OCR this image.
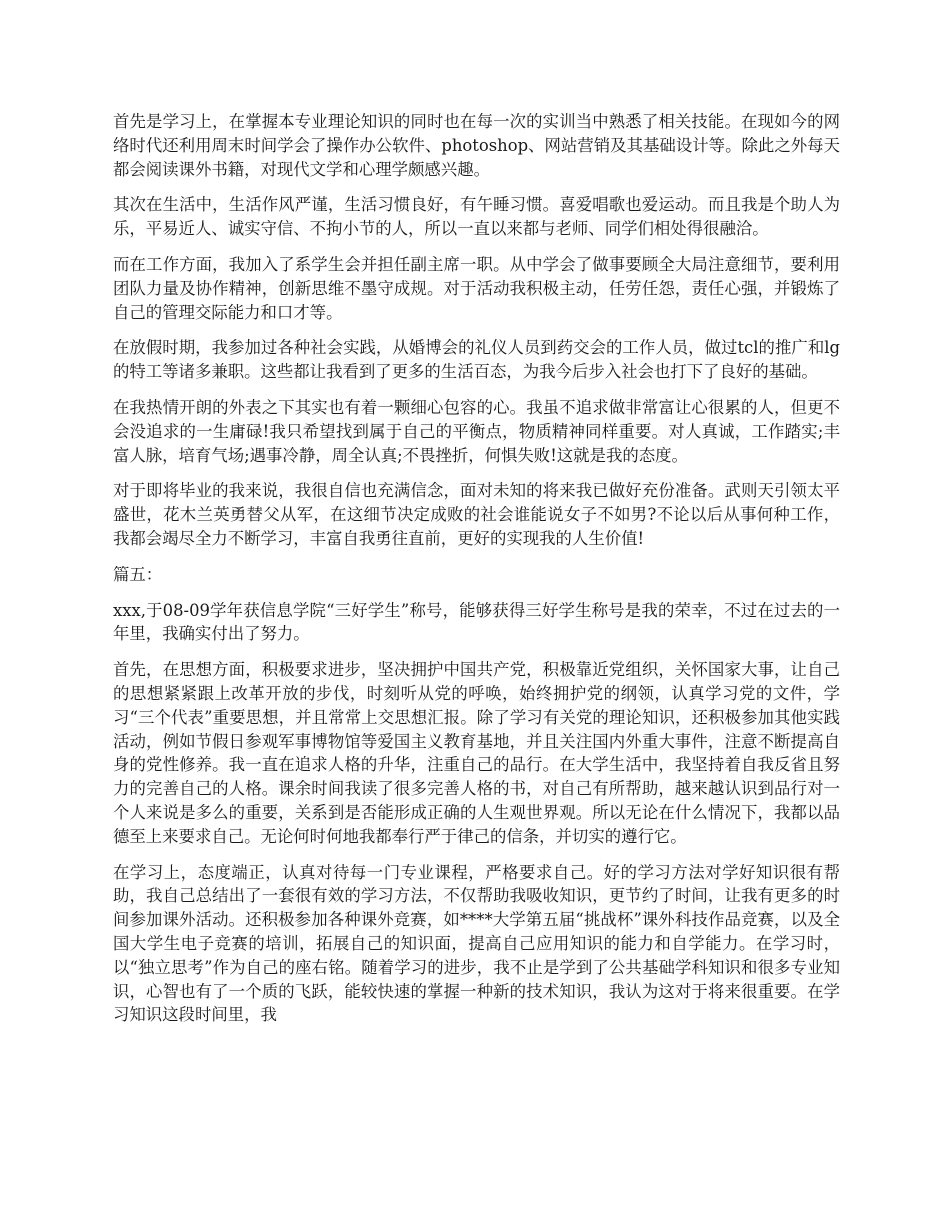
首先是学习上，在掌握本专业理论知识的同时也在每一次的实训当中熟悉了相关技能。在现如今的网络时代还利用周末时间学会了操作办公软件、photoshop、网站营销及其基础设计等。除此之外每天都会阅读课外书籍，对现代文学和心理学颇感兴趣。

其次在生活中，生活作风严谨，生活习惯良好，有午睡习惯。喜爱唱歌也爱运动。而且我是个助人为乐，平易近人、诚实守信、不拘小节的人，所以一直以来都与老师、同学们相处得很融洽。

而在工作方面，我加入了系学生会并担任副主席一职。从中学会了做事要顾全大局注意细节，要利用团队力量及协作精神，创新思维不墨守成规。对于活动我积极主动，任劳任怨，责任心强，并锻炼了自己的管理交际能力和口才等。

在放假时期，我参加过各种社会实践，从婚博会的礼仪人员到药交会的工作人员，做过tcl的推广和lg的特工等诸多兼职。这些都让我看到了更多的生活百态，为我今后步入社会也打下了良好的基础。

在我热情开朗的外表之下其实也有着一颗细心包容的心。我虽不追求做非常富让心很累的人，但更不会没追求的一生庸碌!我只希望找到属于自己的平衡点，物质精神同样重要。对人真诚，工作踏实;丰富人脉，培育气场;遇事冷静，周全认真;不畏挫折，何惧失败!这就是我的态度。

对于即将毕业的我来说，我很自信也充满信念，面对未知的将来我已做好充份准备。武则天引领太平盛世，花木兰英勇替父从军，在这细节决定成败的社会谁能说女子不如男?不论以后从事何种工作，我都会竭尽全力不断学习，丰富自我勇往直前，更好的实现我的人生价值!

篇五：

xxx,于08-09学年获信息学院“三好学生”称号，能够获得三好学生称号是我的荣幸，不过在过去的一年里，我确实付出了努力。

首先，在思想方面，积极要求进步，坚决拥护中国共产党，积极靠近党组织，关怀国家大事，让自己的思想紧紧跟上改革开放的步伐，时刻听从党的呼唤，始终拥护党的纲领，认真学习党的文件，学习“三个代表”重要思想，并且常常上交思想汇报。除了学习有关党的理论知识，还积极参加其他实践活动，例如节假日参观军事博物馆等爱国主义教育基地，并且关注国内外重大事件，注意不断提高自身的党性修养。我一直在追求人格的升华，注重自己的品行。在大学生活中，我坚持着自我反省且努力的完善自己的人格。课余时间我读了很多完善人格的书，对自己有所帮助，越来越认识到品行对一个人来说是多么的重要，关系到是否能形成正确的人生观世界观。所以无论在什么情况下，我都以品德至上来要求自己。无论何时何地我都奉行严于律己的信条，并切实的遵行它。

在学习上，态度端正，认真对待每一门专业课程，严格要求自己。好的学习方法对学好知识很有帮助，我自己总结出了一套很有效的学习方法，不仅帮助我吸收知识，更节约了时间，让我有更多的时间参加课外活动。还积极参加各种课外竞赛，如****大学第五届“挑战杯”课外科技作品竞赛，以及全国大学生电子竞赛的培训，拓展自己的知识面，提高自己应用知识的能力和自学能力。在学习时，以“独立思考”作为自己的座右铭。随着学习的进步，我不止是学到了公共基础学科知识和很多专业知识，心智也有了一个质的飞跃，能较快速的掌握一种新的技术知识，我认为这对于将来很重要。在学习知识这段时间里，我
